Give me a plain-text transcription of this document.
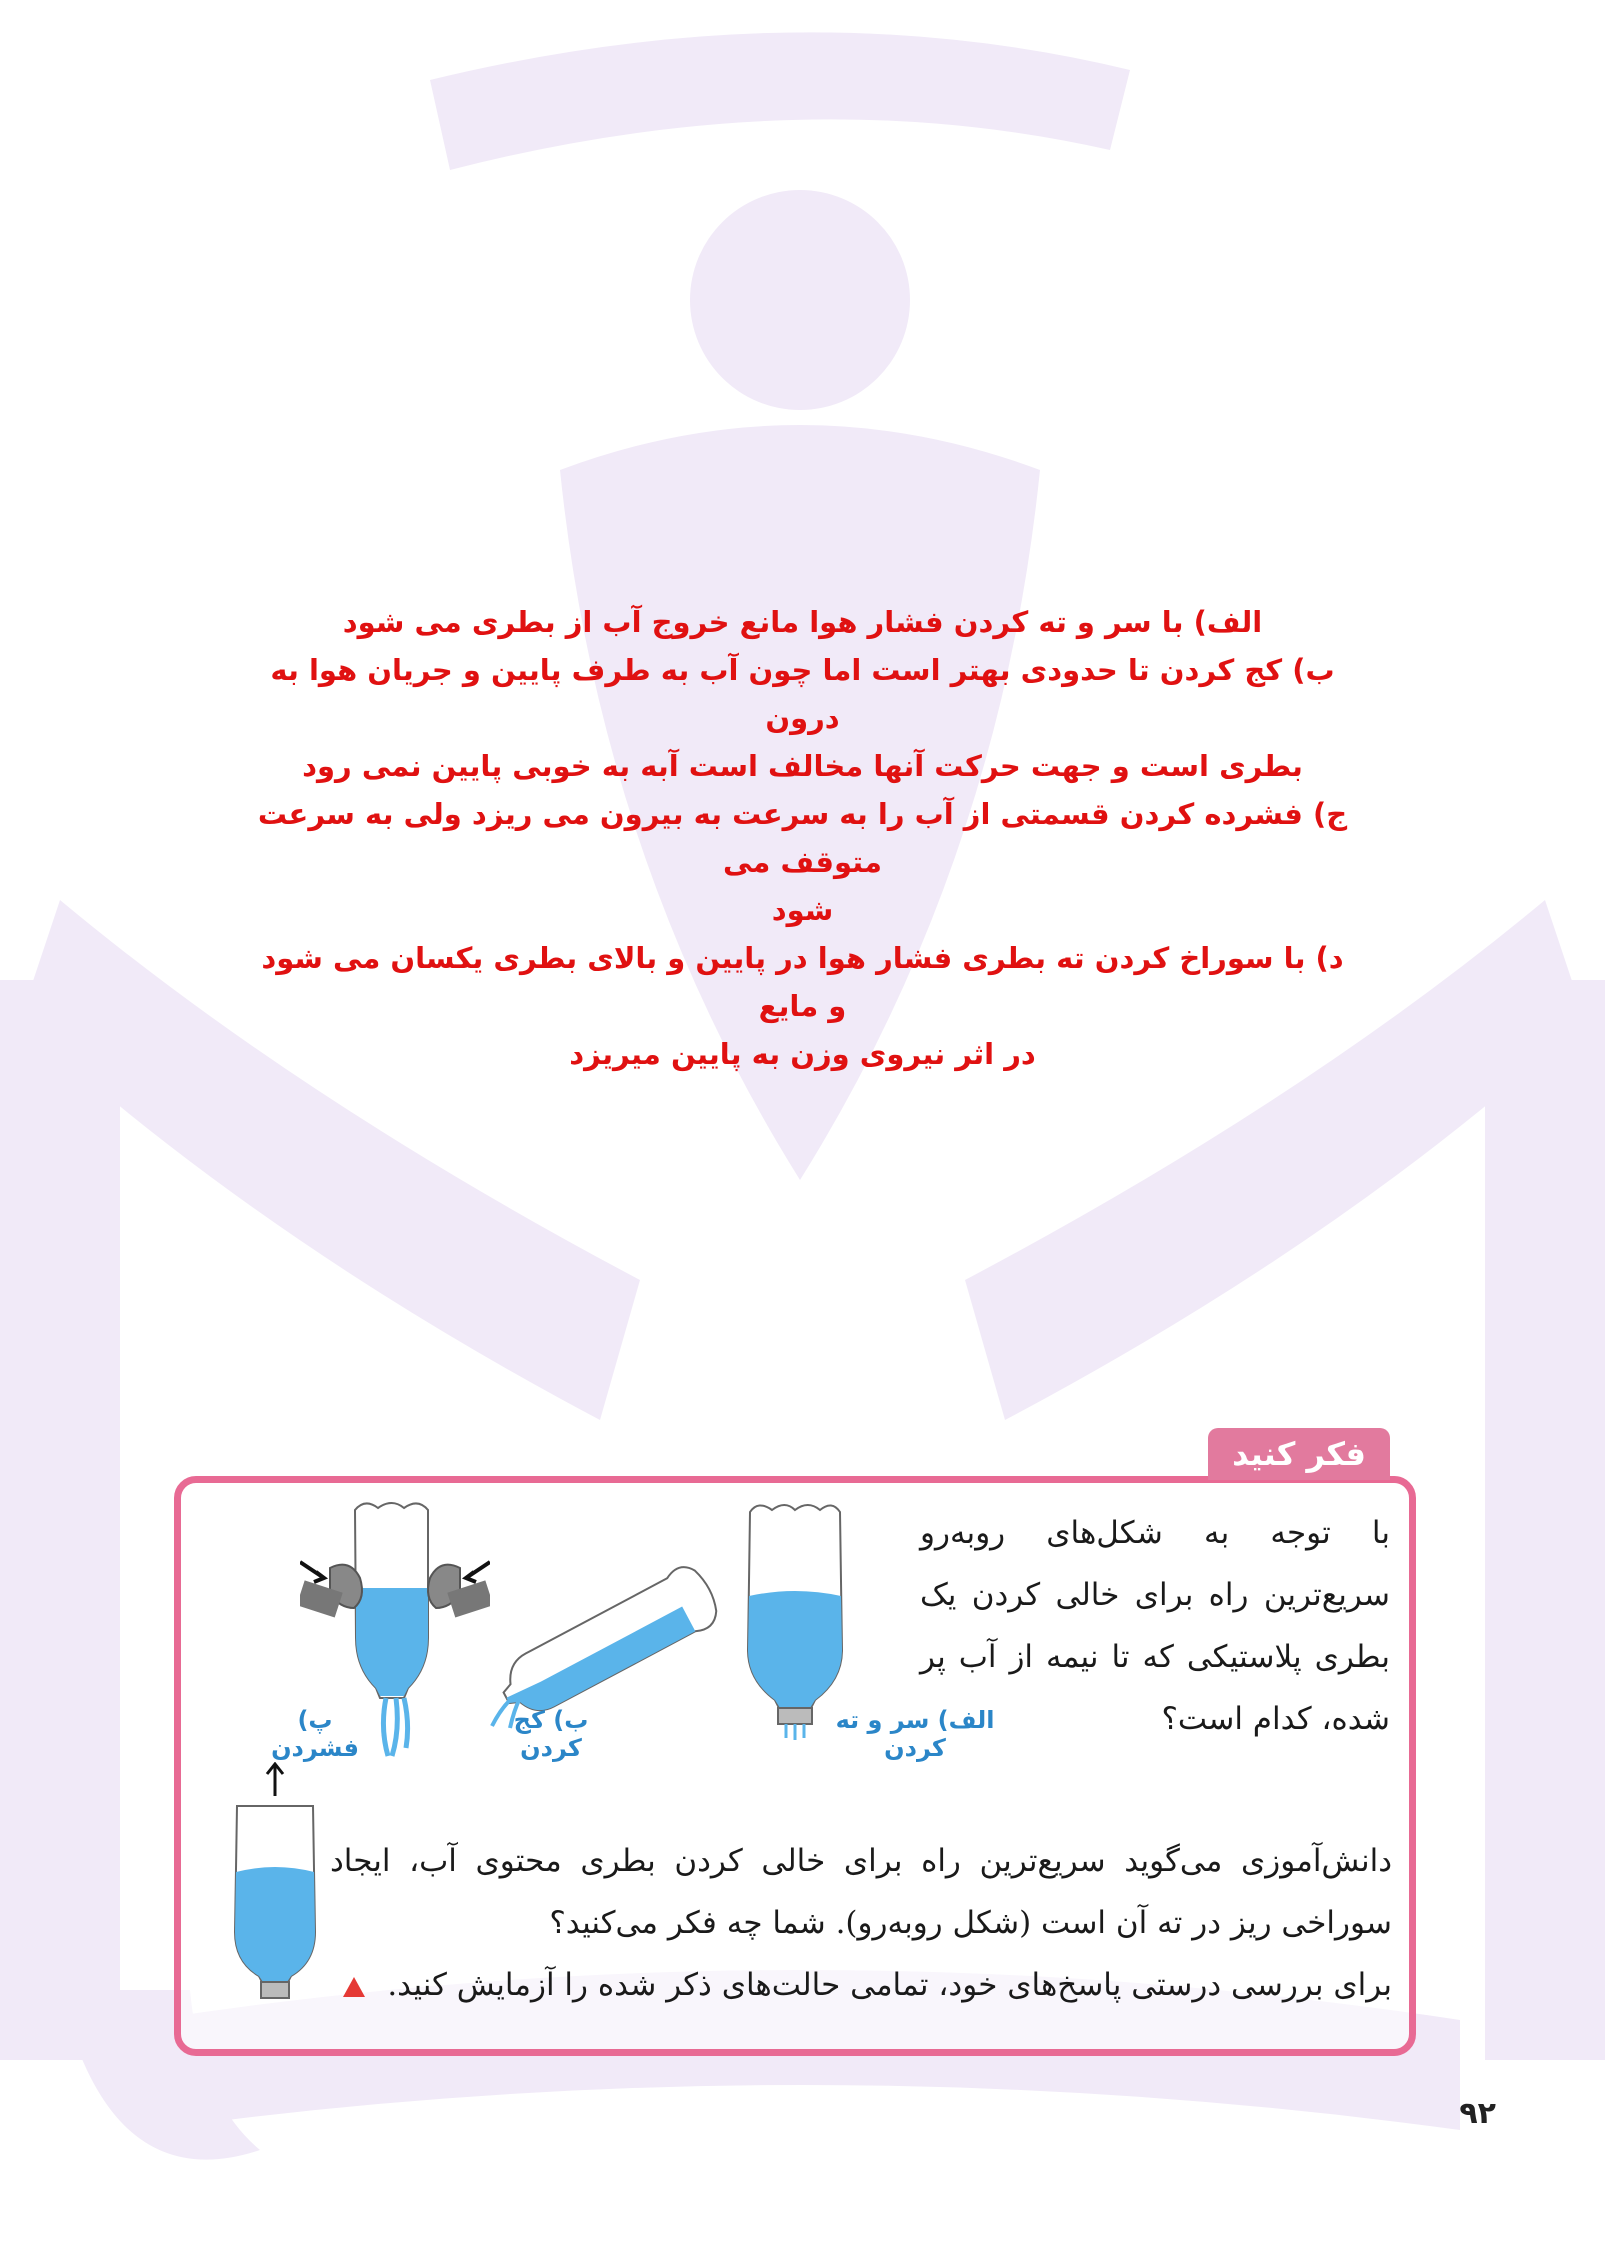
الف) با سر و ته کردن فشار هوا مانع خروج آب از بطری می شود
ب) کج کردن تا حدودی بهتر است اما چون آب به طرف پایین و جریان هوا به درون
بطری است و جهت حرکت آنها مخالف است آبه به خوبی پایین نمی رود
ج) فشرده کردن قسمتی از آب را به سرعت به بیرون می ریزد ولی به سرعت متوقف می
شود
د) با سوراخ کردن ته بطری فشار هوا در پایین و بالای بطری یکسان می شود و مایع
در اثر نیروی وزن به پایین میریزد
فکر کنید
با توجه به شکل‌های روبه‌رو سریع‌ترین راه برای خالی کردن یک بطری پلاستیکی که تا نیمه از آب پر شده، کدام است؟
الف) سر و ته کردن
ب) کج کردن
پ) فشردن
دانش‌آموزی می‌گوید سریع‌ترین راه برای خالی کردن بطری محتوی آب، ایجاد سوراخی ریز در ته آن است (شکل روبه‌رو). شما چه فکر می‌کنید؟
برای بررسی درستی پاسخ‌های خود، تمامی حالت‌های ذکر شده را آزمایش کنید.
۹۲
